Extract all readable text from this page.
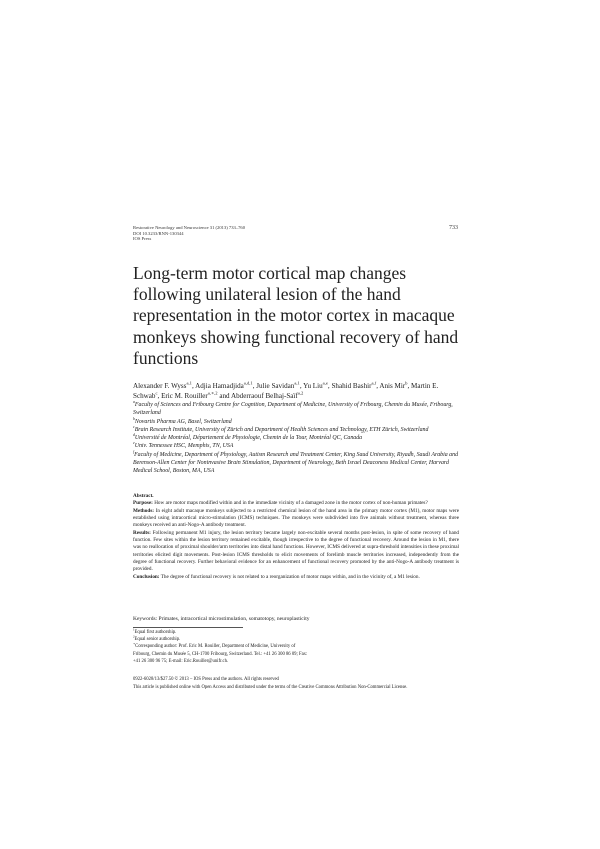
Restorative Neurology and Neuroscience 31 (2013) 733–760
DOI 10.3233/RNN-130344
IOS Press
733
Long-term motor cortical map changes following unilateral lesion of the hand representation in the motor cortex in macaque monkeys showing functional recovery of hand functions
Alexander F. Wyss$^{a,1}$, Adjia Hamadjida$^{a,d,1}$, Julie Savidan$^{a,1}$, Yu Liu$^{a,e}$, Shahid Bashir$^{a,f}$, Anis Mir$^b$, Martin E. Schwab$^c$, Eric M. Rouiller$^{a,∗,2}$ and Abderraouf Belhaj-Saïf$^{a,2}$
$^a$Faculty of Sciences and Fribourg Centre for Cognition, Department of Medicine, University of Fribourg, Chemin du Musée, Fribourg, Switzerland
$^b$Novartis Pharma AG, Basel, Switzerland
$^c$Brain Research Institute, University of Zürich and Department of Health Sciences and Technology, ETH Zürich, Switzerland
$^d$Université de Montréal, Département de Physiologie, Chemin de la Tour, Montréal QC, Canada
$^e$Univ. Tennessee HSC, Memphis, TN, USA
$^f$Faculty of Medicine, Department of Physiology, Autism Research and Treatment Center, King Saud University, Riyadh, Saudi Arabia and Berenson-Allen Center for Noninvasive Brain Stimulation, Department of Neurology, Beth Israel Deaconess Medical Center, Harvard Medical School, Boston, MA, USA

Abstract.

Purpose: How are motor maps modified within and in the immediate vicinity of a damaged zone in the motor cortex of non-human primates?

Methods: In eight adult macaque monkeys subjected to a restricted chemical lesion of the hand area in the primary motor cortex (M1), motor maps were established using intracortical micro-stimulation (ICMS) techniques. The monkeys were subdivided into five animals without treatment, whereas three monkeys received an anti-Nogo-A antibody treatment.

Results: Following permanent M1 injury, the lesion territory became largely non-excitable several months post-lesion, in spite of some recovery of hand function. Few sites within the lesion territory remained excitable, though irrespective to the degree of functional recovery. Around the lesion in M1, there was no reallocation of proximal shoulder/arm territories into distal hand functions. However, ICMS delivered at supra-threshold intensities in these proximal territories elicited digit movements. Post-lesion ICMS thresholds to elicit movements of forelimb muscle territories increased, independently from the degree of functional recovery. Further behavioral evidence for an enhancement of functional recovery promoted by the anti-Nogo-A antibody treatment is provided.

Conclusion: The degree of functional recovery is not related to a reorganization of motor maps within, and in the vicinity of, a M1 lesion.

Keywords: Primates, intracortical microstimulation, somatotopy, neuroplasticity

$^1$Equal first authorship.

$^2$Equal senior authorship.

∗Corresponding author: Prof. Eric M. Rouiller, Department of Medicine, University of Fribourg, Chemin du Musée 5, CH-1700 Fribourg, Switzerland. Tel.: +41 26 300 86 09; Fax: +41 26 300 96 75; E-mail: Eric.Rouiller@unifr.ch.

0922-6028/13/$27.50 © 2013 – IOS Press and the authors. All rights reserved

This article is published online with Open Access and distributed under the terms of the Creative Commons Attribution Non-Commercial License.
